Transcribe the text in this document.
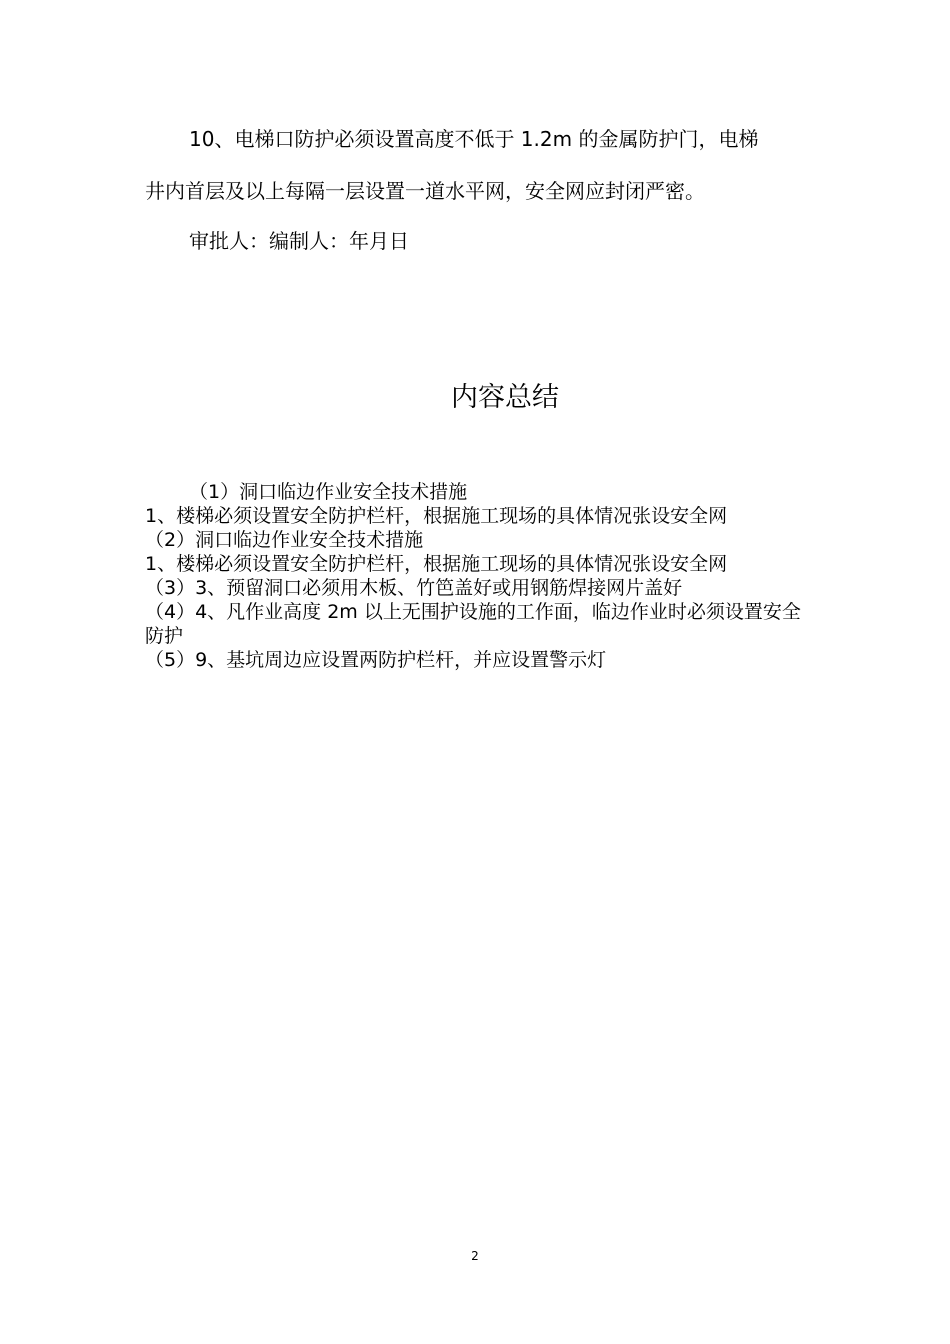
10、电梯口防护必须设置高度不低于 1.2m 的金属防护门，电梯
井内首层及以上每隔一层设置一道水平网，安全网应封闭严密。
审批人：编制人：年月日
内容总结
（1）洞口临边作业安全技术措施
1、楼梯必须设置安全防护栏杆，根据施工现场的具体情况张设安全网
（2）洞口临边作业安全技术措施
1、楼梯必须设置安全防护栏杆，根据施工现场的具体情况张设安全网
（3）3、预留洞口必须用木板、竹笆盖好或用钢筋焊接网片盖好
（4）4、凡作业高度 2m 以上无围护设施的工作面，临边作业时必须设置安全防护
（5）9、基坑周边应设置两防护栏杆，并应设置警示灯
2
